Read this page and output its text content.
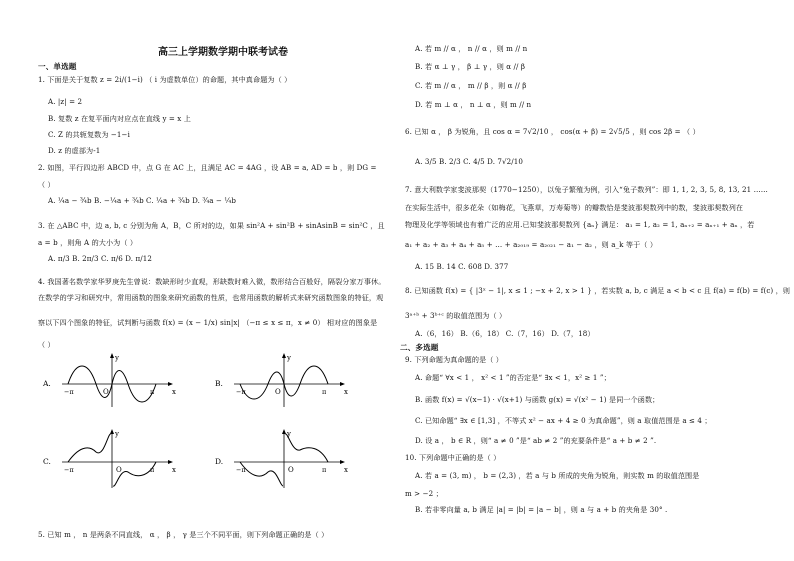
高三上学期数学期中联考试卷
一、单选题
1. 下面是关于复数 z = 2i/(1−i) （ i 为虚数单位）的命题，其中真命题为（ ）
A. |z| = 2
B. 复数 z 在复平面内对应点在直线 y = x 上
C. Z 的共轭复数为 −1−i
D. z 的虚部为-1
2. 如图，平行四边形 ABCD 中，点 G 在 AC 上，且满足 AC = 4AG ，设 AB = a, AD = b ，则 DG =
（ ）
A. ¼a − ¾b B. −¼a + ¾b C. ¼a + ¾b D. ¾a − ¼b
3. 在 △ABC 中，边 a, b, c 分别为角 A，B，C 所对的边，如果 sin²A + sin²B + sinAsinB = sin²C ，且
a = b ，则角 A 的大小为（ ）
A. π/3 B. 2π/3 C. π/6 D. π/12
4. 我国著名数学家华罗庚先生曾说：数缺形时少直观，形缺数时难入微，数形结合百般好，隔裂分家万事休。
在数学的学习和研究中，常用函数的图象来研究函数的性质，也常用函数的解析式来研究函数图象的特征，观
察以下四个图象的特征，试判断与函数 f(x) = (x − 1/x) sin|x| （−π ≤ x ≤ π，x ≠ 0） 相对应的图象是
（ ）
5. 已知 m ， n 是两条不同直线， α ， β ， γ 是三个不同平面，则下列命题正确的是（ ）
A. 若 m // α ， n // α ，则 m // n
B. 若 α ⊥ γ ， β ⊥ γ ，则 α // β
C. 若 m // α ， m // β ，则 α // β
D. 若 m ⊥ α ， n ⊥ α ，则 m // n
6. 已知 α ， β 为锐角，且 cos α = 7√2/10 ， cos(α + β) = 2√5/5 ，则 cos 2β = （ ）
A. 3/5 B. 2/3 C. 4/5 D. 7√2/10
7. 意大利数学家斐波那契（1770−1250），以兔子繁殖为例，引入“兔子数列”：即 1, 1, 2, 3, 5, 8, 13, 21 ……
在实际生活中，很多花朵（如梅花，飞燕草，万寿菊等）的瓣数恰是斐波那契数列中的数，斐波那契数列在
物理及化学等领域也有着广泛的应用.已知斐波那契数列 {aₙ} 满足： a₁ = 1, a₂ = 1, aₙ₊₂ = aₙ₊₁ + aₙ ，若
a₁ + a₂ + a₃ + a₄ + a₅ + … + a₂₀₁₉ = a₂₀₂₁ − a₁ − a₂ ，则 a_k 等于（ ）
A. 15 B. 14 C. 608 D. 377
8. 已知函数 f(x) = { |3ˣ − 1|, x ≤ 1 ; −x + 2, x > 1 } ，若实数 a, b, c 满足 a < b < c 且 f(a) = f(b) = f(c) ，则
3ᵃ⁺ᵇ + 3ᵇ⁺ᶜ 的取值范围为（ ）
A.（6，16） B.（6，18） C.（7，16） D.（7，18）
二、多选题
9. 下列命题为真命题的是（ ）
A. 命题“ ∀x < 1 ， x² < 1 ”的否定是“ ∃x < 1，x² ≥ 1 ”；
B. 函数 f(x) = √(x−1) · √(x+1) 与函数 g(x) = √(x² − 1) 是同一个函数；
C. 已知命题“ ∃x ∈ [1,3] ，不等式 x² − ax + 4 ≥ 0 为真命题”，则 a 取值范围是 a ≤ 4 ；
D. 设 a ， b ∈ R ，则“ a ≠ 0 ”是“ ab ≠ 2 ”的充要条件是“ a + b ≠ 2 ”.
10. 下列命题中正确的是（ ）
A. 若 a = (3, m) ， b = (2,3) ，若 a 与 b 所成的夹角为锐角，则实数 m 的取值范围是
m > −2 ；
B. 若非零向量 a, b 满足 |a| = |b| = |a − b| ，则 a 与 a + b 的夹角是 30° .
A.
y
x
O
−π	π
B.
y
x
O
−π	π
C.
y
x
O
−π	π
D.
y
x
O
−π	π
